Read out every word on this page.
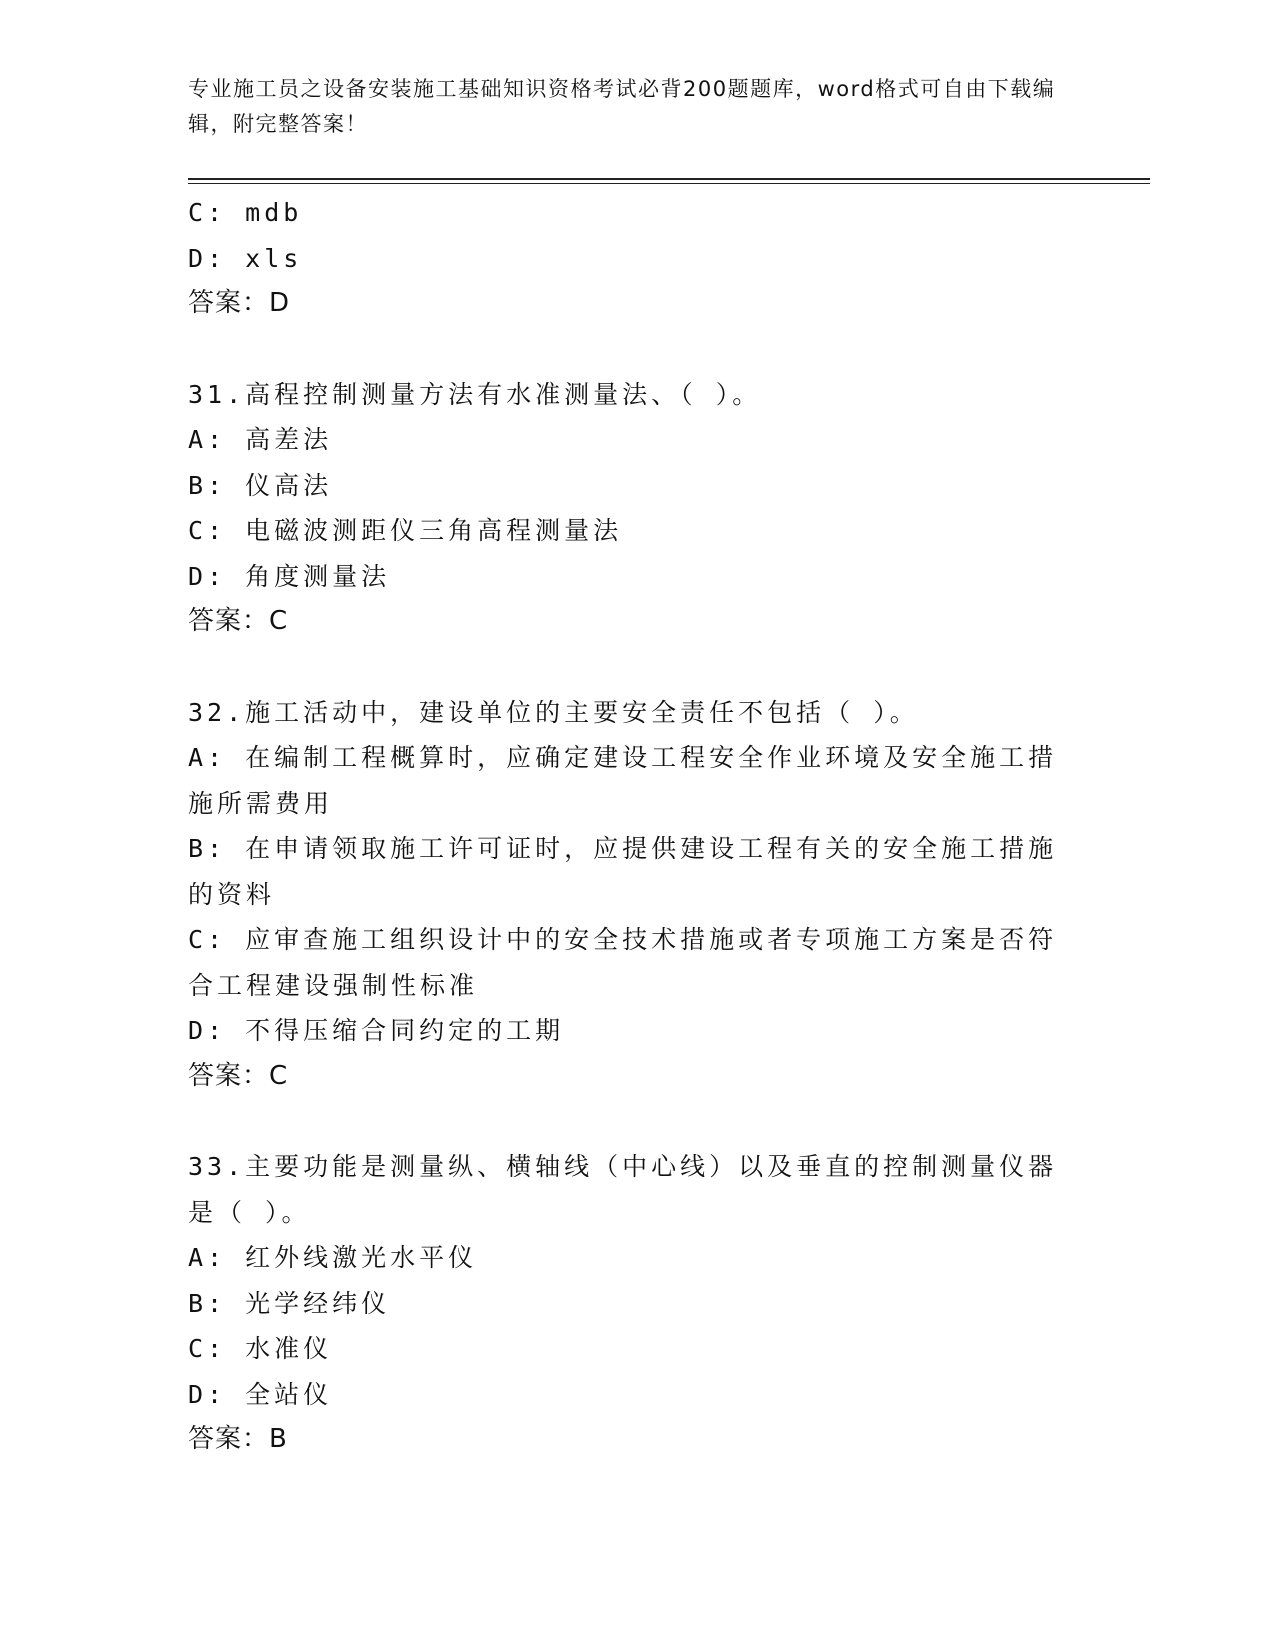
专业施工员之设备安装施工基础知识资格考试必背200题题库，word格式可自由下载编辑，附完整答案！

C: mdb

D: xls

答案：D

31.高程控制测量方法有水准测量法、（ ）。

A: 高差法

B: 仪高法

C: 电磁波测距仪三角高程测量法

D: 角度测量法

答案：C

32.施工活动中，建设单位的主要安全责任不包括（ ）。

A: 在编制工程概算时，应确定建设工程安全作业环境及安全施工措施所需费用

B: 在申请领取施工许可证时，应提供建设工程有关的安全施工措施的资料

C: 应审查施工组织设计中的安全技术措施或者专项施工方案是否符合工程建设强制性标准

D: 不得压缩合同约定的工期

答案：C

33.主要功能是测量纵、横轴线（中心线）以及垂直的控制测量仪器是（ ）。

A: 红外线激光水平仪

B: 光学经纬仪

C: 水准仪

D: 全站仪

答案：B
